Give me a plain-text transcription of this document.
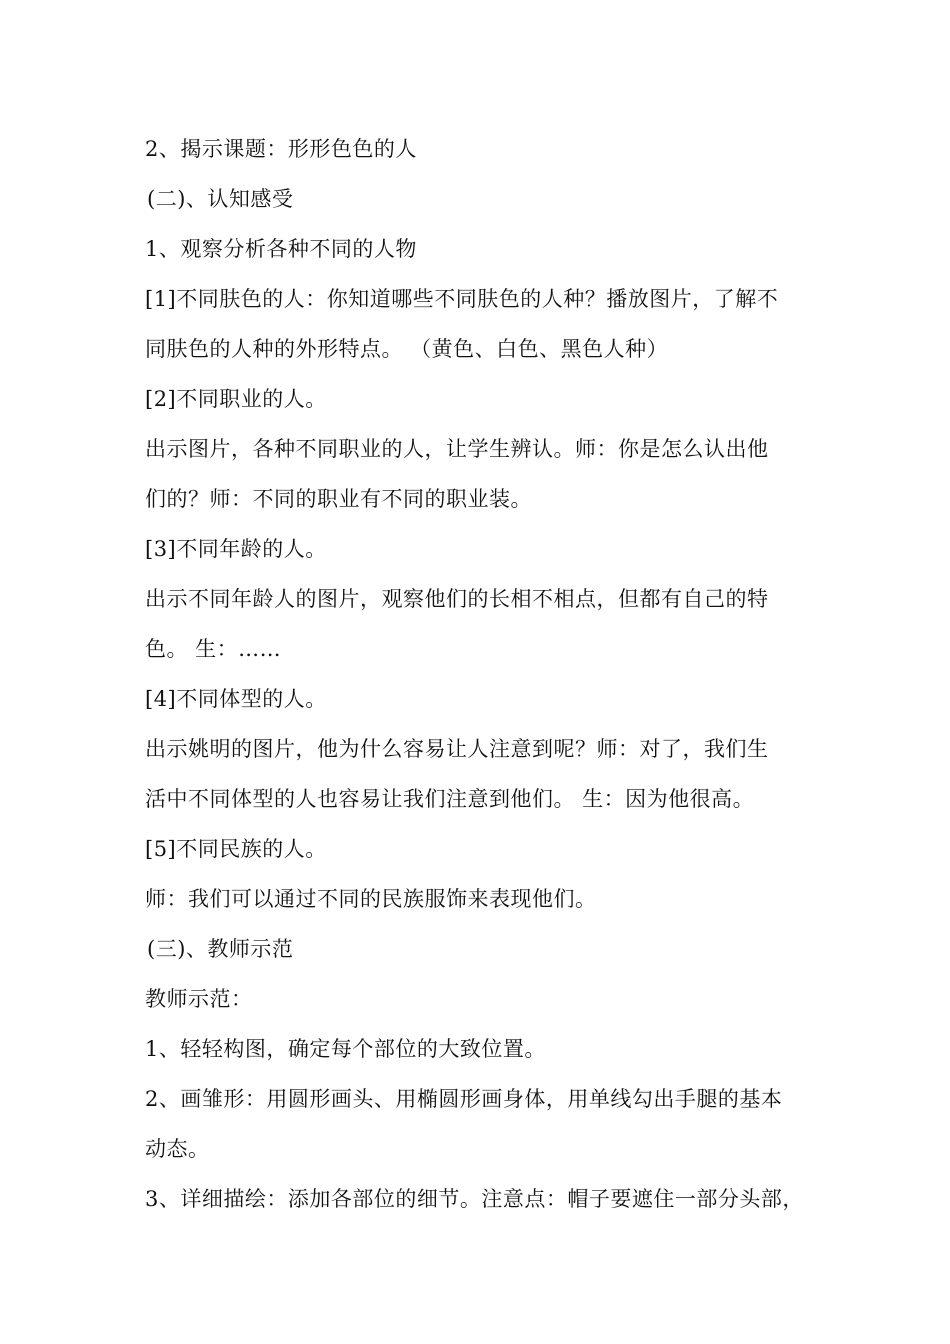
2、揭示课题：形形色色的人
(二)、认知感受
1、观察分析各种不同的人物
[1]不同肤色的人：你知道哪些不同肤色的人种？播放图片，了解不
同肤色的人种的外形特点。 （黄色、白色、黑色人种）
[2]不同职业的人。
出示图片，各种不同职业的人，让学生辨认。师：你是怎么认出他
们的？师：不同的职业有不同的职业装。
[3]不同年龄的人。
出示不同年龄人的图片，观察他们的长相不相点，但都有自己的特
色。 生：……
[4]不同体型的人。
出示姚明的图片，他为什么容易让人注意到呢？师：对了，我们生
活中不同体型的人也容易让我们注意到他们。 生：因为他很高。
[5]不同民族的人。
师：我们可以通过不同的民族服饰来表现他们。
(三)、教师示范
教师示范：
1、轻轻构图，确定每个部位的大致位置。
2、画雏形：用圆形画头、用椭圆形画身体，用单线勾出手腿的基本
动态。
3、详细描绘：添加各部位的细节。注意点：帽子要遮住一部分头部，
